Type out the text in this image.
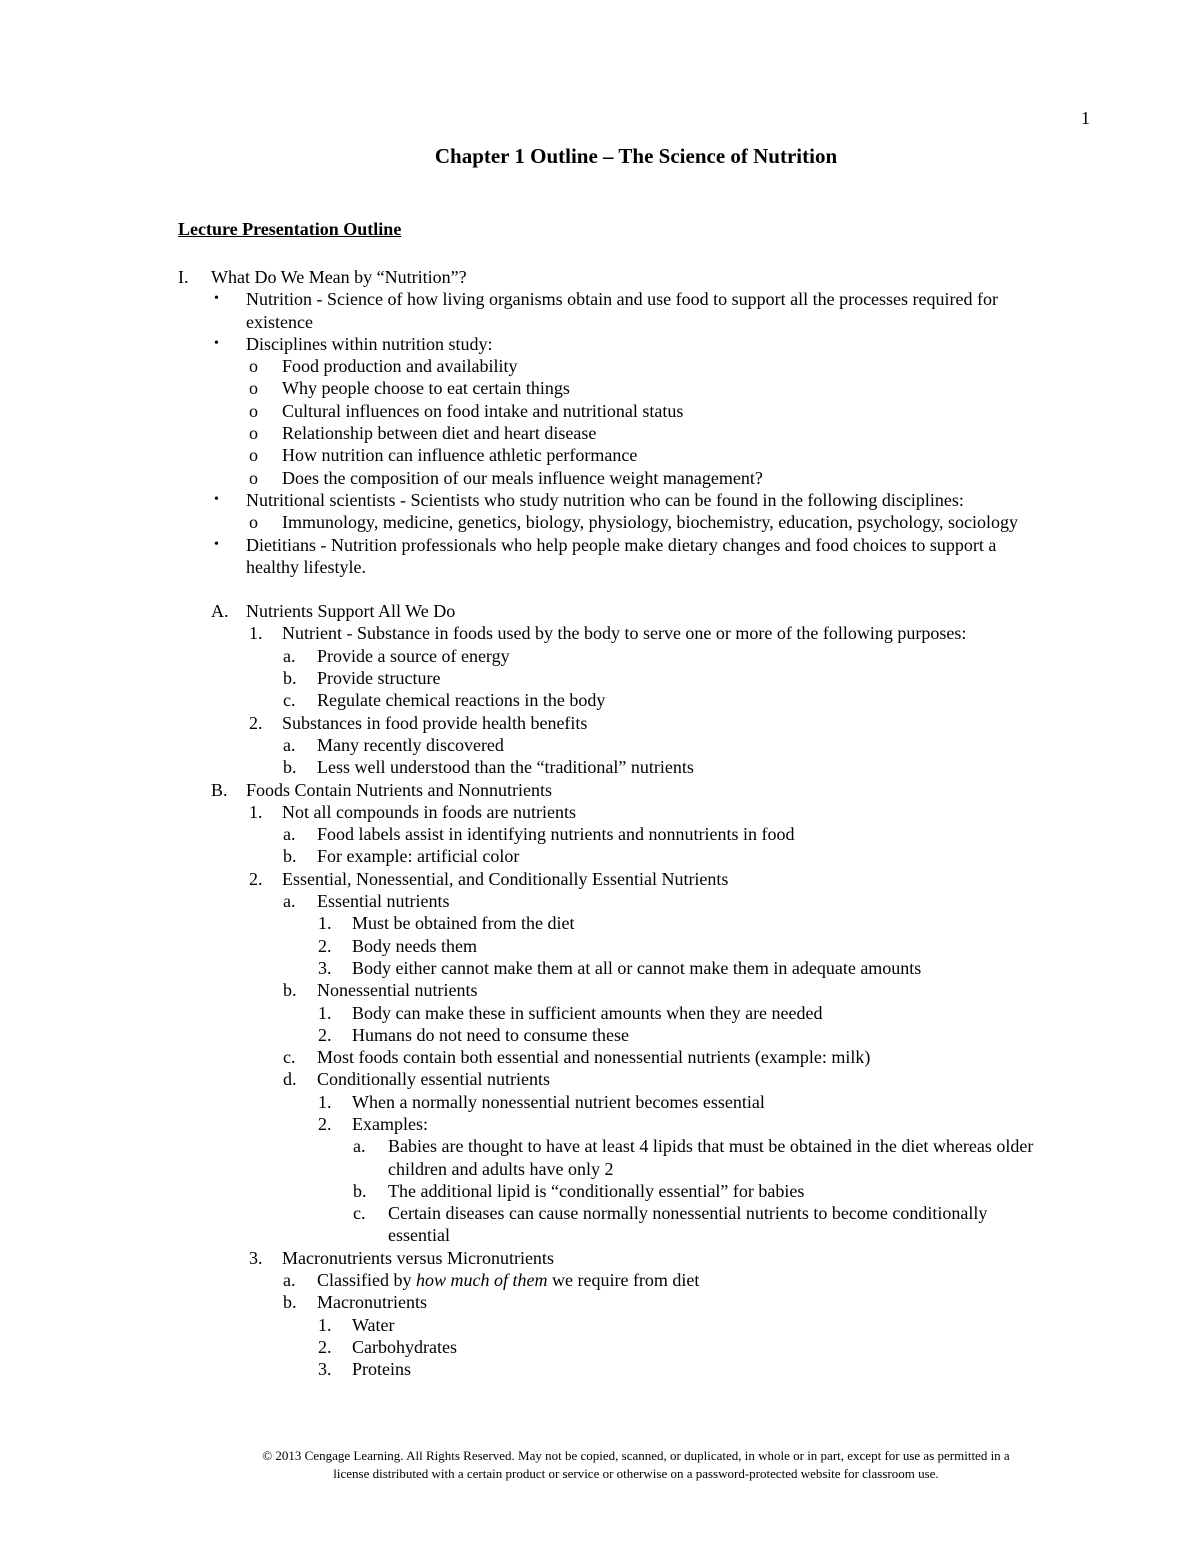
1
Chapter 1 Outline – The Science of Nutrition
Lecture Presentation Outline
I. What Do We Mean by “Nutrition”?
• Nutrition - Science of how living organisms obtain and use food to support all the processes required for
existence
• Disciplines within nutrition study:
o Food production and availability
o Why people choose to eat certain things
o Cultural influences on food intake and nutritional status
o Relationship between diet and heart disease
o How nutrition can influence athletic performance
o Does the composition of our meals influence weight management?
• Nutritional scientists - Scientists who study nutrition who can be found in the following disciplines:
o Immunology, medicine, genetics, biology, physiology, biochemistry, education, psychology, sociology
• Dietitians - Nutrition professionals who help people make dietary changes and food choices to support a
healthy lifestyle.
A. Nutrients Support All We Do
1. Nutrient - Substance in foods used by the body to serve one or more of the following purposes:
a. Provide a source of energy
b. Provide structure
c. Regulate chemical reactions in the body
2. Substances in food provide health benefits
a. Many recently discovered
b. Less well understood than the “traditional” nutrients
B. Foods Contain Nutrients and Nonnutrients
1. Not all compounds in foods are nutrients
a. Food labels assist in identifying nutrients and nonnutrients in food
b. For example: artificial color
2. Essential, Nonessential, and Conditionally Essential Nutrients
a. Essential nutrients
1. Must be obtained from the diet
2. Body needs them
3. Body either cannot make them at all or cannot make them in adequate amounts
b. Nonessential nutrients
1. Body can make these in sufficient amounts when they are needed
2. Humans do not need to consume these
c. Most foods contain both essential and nonessential nutrients (example: milk)
d. Conditionally essential nutrients
1. When a normally nonessential nutrient becomes essential
2. Examples:
a. Babies are thought to have at least 4 lipids that must be obtained in the diet whereas older
children and adults have only 2
b. The additional lipid is “conditionally essential” for babies
c. Certain diseases can cause normally nonessential nutrients to become conditionally
essential
3. Macronutrients versus Micronutrients
a. Classified by how much of them we require from diet
b. Macronutrients
1. Water
2. Carbohydrates
3. Proteins
© 2013 Cengage Learning. All Rights Reserved. May not be copied, scanned, or duplicated, in whole or in part, except for use as permitted in a
license distributed with a certain product or service or otherwise on a password-protected website for classroom use.
